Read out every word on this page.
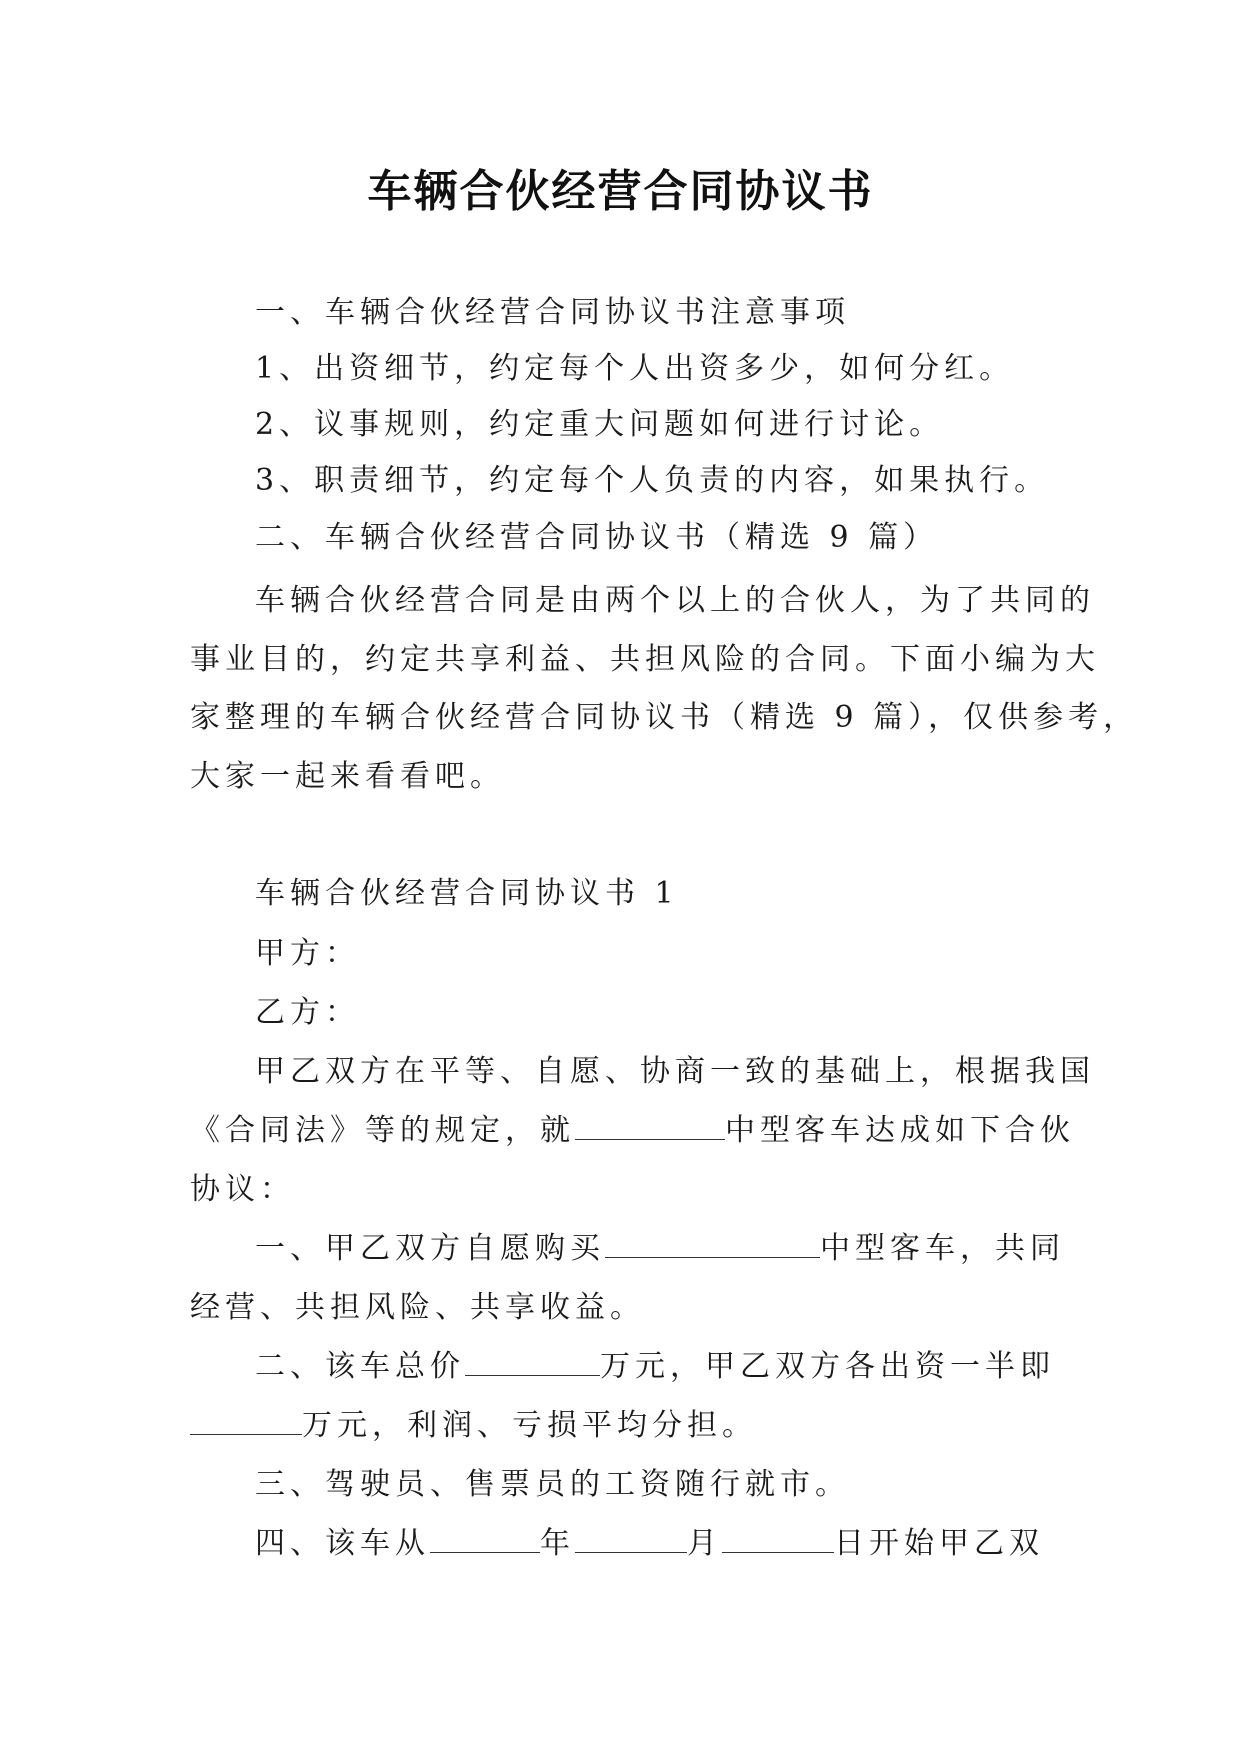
车辆合伙经营合同协议书
一、车辆合伙经营合同协议书注意事项
1、出资细节，约定每个人出资多少，如何分红。
2、议事规则，约定重大问题如何进行讨论。
3、职责细节，约定每个人负责的内容，如果执行。
二、车辆合伙经营合同协议书（精选 9 篇）
车辆合伙经营合同是由两个以上的合伙人，为了共同的
事业目的，约定共享利益、共担风险的合同。下面小编为大
家整理的车辆合伙经营合同协议书（精选 9 篇），仅供参考，
大家一起来看看吧。
车辆合伙经营合同协议书 1
甲方：
乙方：
甲乙双方在平等、自愿、协商一致的基础上，根据我国
《合同法》等的规定，就	中型客车达成如下合伙
协议：
一、甲乙双方自愿购买	中型客车，共同
经营、共担风险、共享收益。
二、该车总价	万元，甲乙双方各出资一半即
万元，利润、亏损平均分担。
三、驾驶员、售票员的工资随行就市。
四、该车从	年	月	日开始甲乙双
